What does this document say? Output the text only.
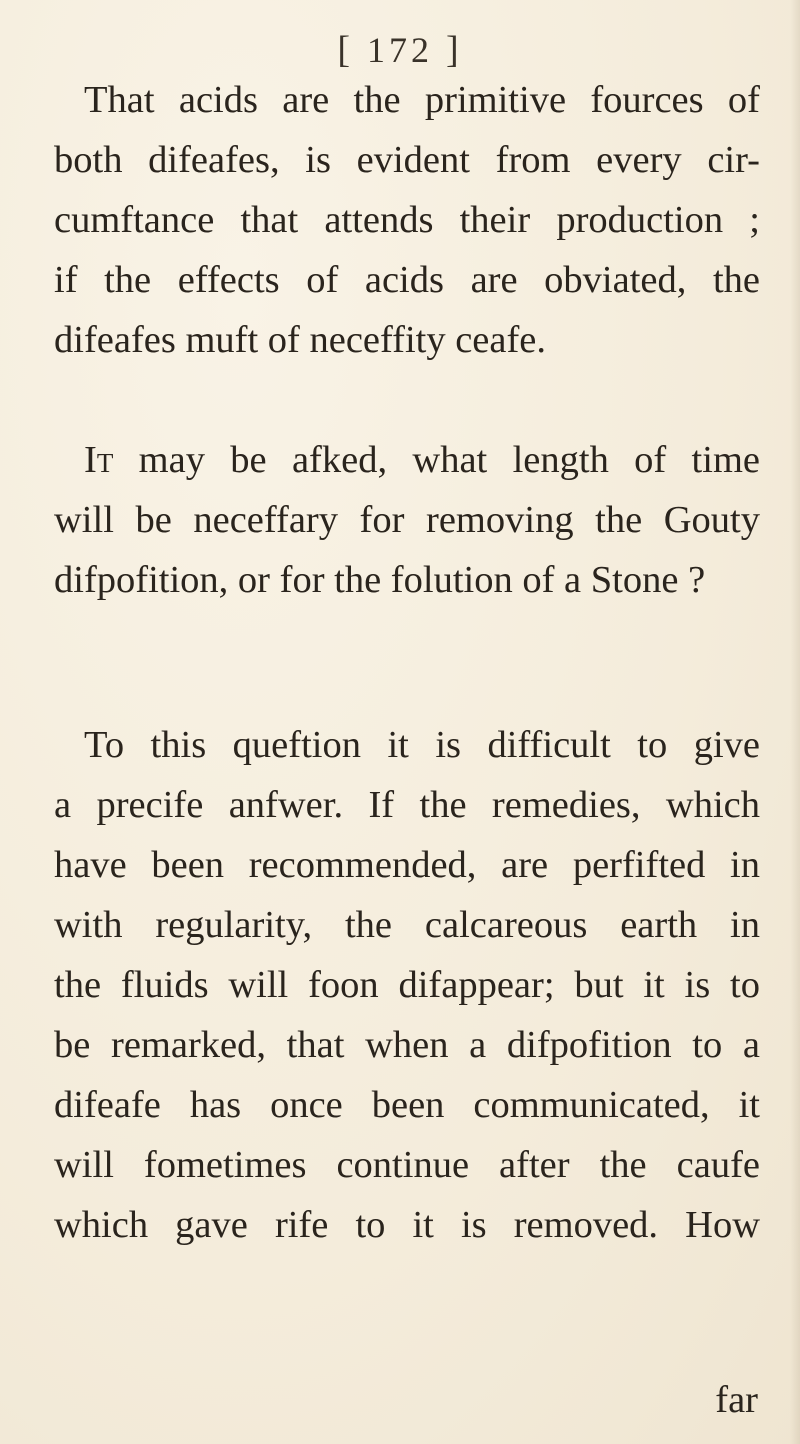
[ 172 ]
That acids are the primitive fources of
both difeafes, is evident from every cir-
cumftance that attends their production ;
if the effects of acids are obviated, the
difeafes muft of neceffity ceafe.
It may be afked, what length of time
will be neceffary for removing the Gouty
difpofition, or for the folution of a Stone ?
To this queftion it is difficult to give
a precife anfwer. If the remedies, which
have been recommended, are perfifted in
with regularity, the calcareous earth in
the fluids will foon difappear; but it is to
be remarked, that when a difpofition to a
difeafe has once been communicated, it
will fometimes continue after the caufe
which gave rife to it is removed. How
far
